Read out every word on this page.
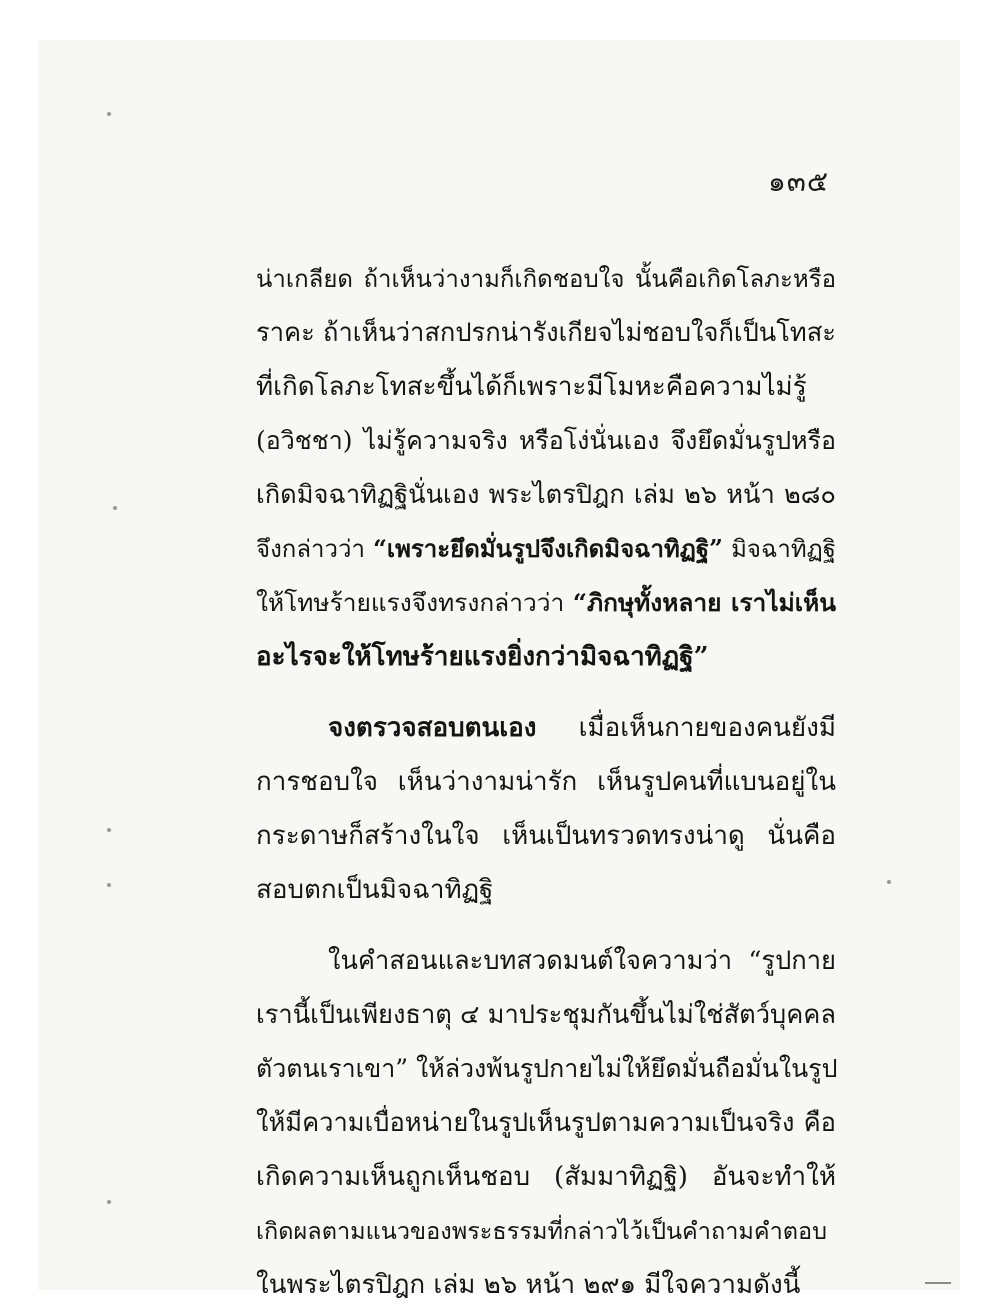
๑๓๕
น่าเกลียด ถ้าเห็นว่างามก็เกิดชอบใจ นั้นคือเกิดโลภะหรือ
ราคะ ถ้าเห็นว่าสกปรกน่ารังเกียจไม่ชอบใจก็เป็นโทสะ
ที่เกิดโลภะโทสะขึ้นได้ก็เพราะมีโมหะคือความไม่รู้
(อวิชชา) ไม่รู้ความจริง หรือโง่นั่นเอง จึงยึดมั่นรูปหรือ
เกิดมิจฉาทิฏฐินั่นเอง พระไตรปิฎก เล่ม ๒๖ หน้า ๒๘๐
จึงกล่าวว่า “เพราะยึดมั่นรูปจึงเกิดมิจฉาทิฏฐิ” มิจฉาทิฏฐิ
ให้โทษร้ายแรงจึงทรงกล่าวว่า “ภิกษุทั้งหลาย เราไม่เห็น
อะไรจะให้โทษร้ายแรงยิ่งกว่ามิจฉาทิฏฐิ”
จงตรวจสอบตนเอง เมื่อเห็นกายของคนยังมี
การชอบใจ เห็นว่างามน่ารัก เห็นรูปคนที่แบนอยู่ใน
กระดาษก็สร้างในใจ เห็นเป็นทรวดทรงน่าดู นั่นคือ
สอบตกเป็นมิจฉาทิฏฐิ
ในคำสอนและบทสวดมนต์ใจความว่า “รูปกาย
เรานี้เป็นเพียงธาตุ ๔ มาประชุมกันขึ้นไม่ใช่สัตว์บุคคล
ตัวตนเราเขา” ให้ล่วงพ้นรูปกายไม่ให้ยึดมั่นถือมั่นในรูป
ให้มีความเบื่อหน่ายในรูปเห็นรูปตามความเป็นจริง คือ
เกิดความเห็นถูกเห็นชอบ (สัมมาทิฏฐิ) อันจะทำให้
เกิดผลตามแนวของพระธรรมที่กล่าวไว้เป็นคำถามคำตอบ
ในพระไตรปิฎก เล่ม ๒๖ หน้า ๒๙๑ มีใจความดังนี้
